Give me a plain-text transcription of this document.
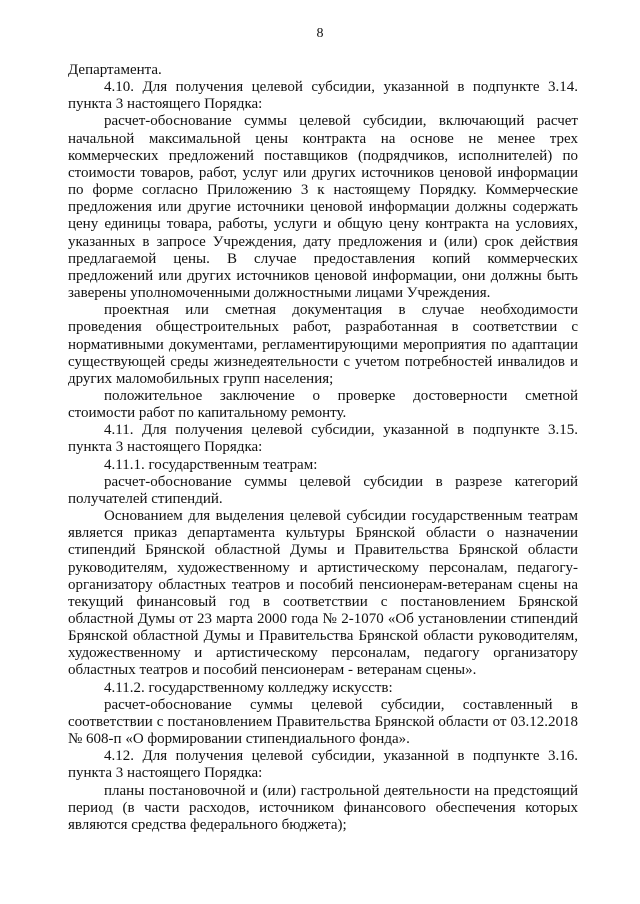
8

Департамента.

4.10. Для получения целевой субсидии, указанной в подпункте 3.14. пункта 3 настоящего Порядка:

расчет-обоснование суммы целевой субсидии, включающий расчет начальной максимальной цены контракта на основе не менее трех коммерческих предложений поставщиков (подрядчиков, исполнителей) по стоимости товаров, работ, услуг или других источников ценовой информации по форме согласно Приложению 3 к настоящему Порядку. Коммерческие предложения или другие источники ценовой информации должны содержать цену единицы товара, работы, услуги и общую цену контракта на условиях, указанных в запросе Учреждения, дату предложения и (или) срок действия предлагаемой цены. В случае предоставления копий коммерческих предложений или других источников ценовой информации, они должны быть заверены уполномоченными должностными лицами Учреждения.

проектная или сметная документация в случае необходимости проведения общестроительных работ, разработанная в соответствии с нормативными документами, регламентирующими мероприятия по адаптации существующей среды жизнедеятельности с учетом потребностей инвалидов и других маломобильных групп населения;

положительное заключение о проверке достоверности сметной стоимости работ по капитальному ремонту.

4.11. Для получения целевой субсидии, указанной в подпункте 3.15. пункта 3 настоящего Порядка:

4.11.1. государственным театрам:

расчет-обоснование суммы целевой субсидии в разрезе категорий получателей стипендий.

Основанием для выделения целевой субсидии государственным театрам является приказ департамента культуры Брянской области о назначении стипендий Брянской областной Думы и Правительства Брянской области руководителям, художественному и артистическому персоналам, педагогу-организатору областных театров и пособий пенсионерам-ветеранам сцены на текущий финансовый год в соответствии с постановлением Брянской областной Думы от 23 марта 2000 года № 2-1070 «Об установлении стипендий Брянской областной Думы и Правительства Брянской области руководителям, художественному и артистическому персоналам, педагогу организатору областных театров и пособий пенсионерам - ветеранам сцены».

4.11.2. государственному колледжу искусств:

расчет-обоснование суммы целевой субсидии, составленный в соответствии с постановлением Правительства Брянской области от 03.12.2018 № 608-п «О формировании стипендиального фонда».

4.12. Для получения целевой субсидии, указанной в подпункте 3.16. пункта 3 настоящего Порядка:

планы постановочной и (или) гастрольной деятельности на предстоящий период (в части расходов, источником финансового обеспечения которых являются средства федерального бюджета);
